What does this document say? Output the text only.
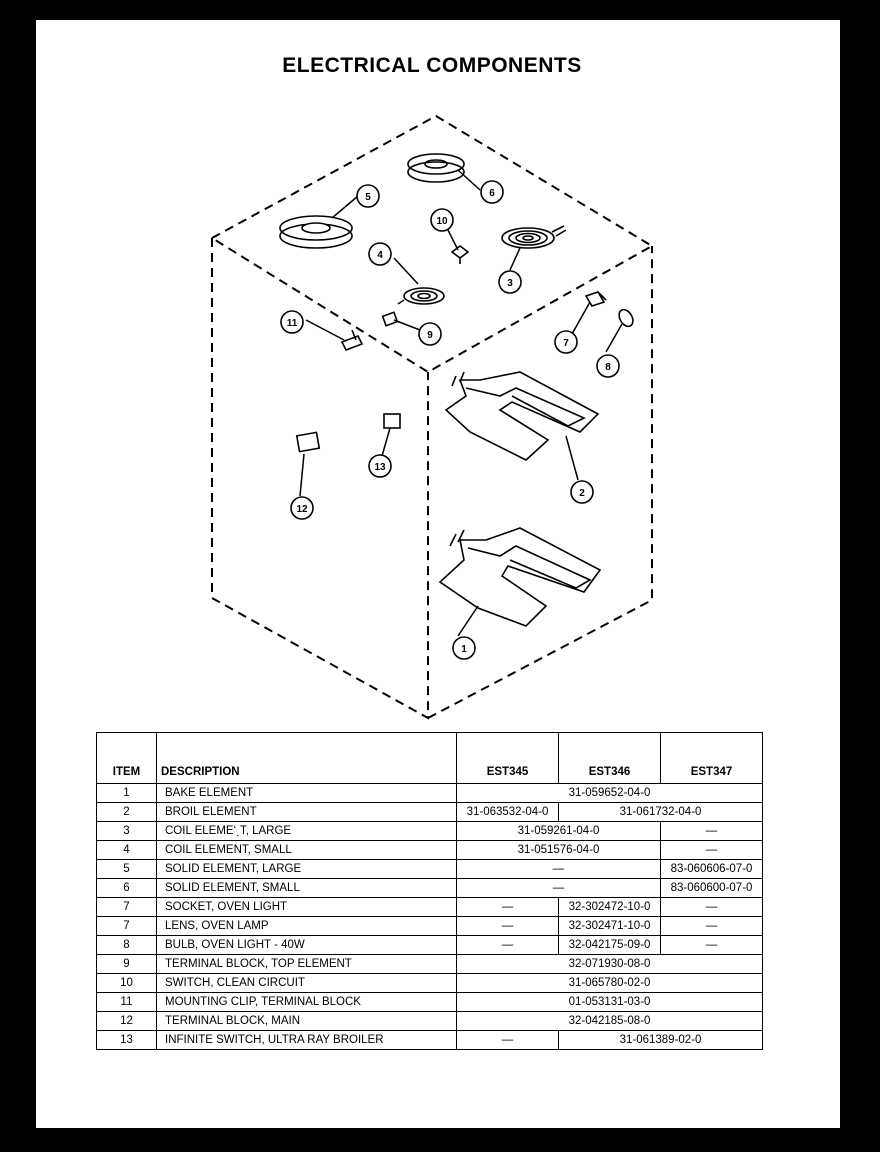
ELECTRICAL COMPONENTS
1
2
3
4
5	6
7
8
9
10
11
12
13
ITEM	DESCRIPTION	EST345	EST346	EST347
1	BAKE ELEMENT	31-059652-04-0		
2	BROIL ELEMENT	31-063532-04-0	31-061732-04-0	
3	COIL ELEMEʻˎT, LARGE	31-059261-04-0		—
4	COIL ELEMENT, SMALL	31-051576-04-0		—
5	SOLID ELEMENT, LARGE	—		83-060606-07-0
6	SOLID ELEMENT, SMALL	—		83-060600-07-0
7	SOCKET, OVEN LIGHT	—	32-302472-10-0	—
7	LENS, OVEN LAMP	—	32-302471-10-0	—
8	BULB, OVEN LIGHT - 40W	—	32-042175-09-0	—
9	TERMINAL BLOCK, TOP ELEMENT	32-071930-08-0		
10	SWITCH, CLEAN CIRCUIT	31-065780-02-0		
11	MOUNTING CLIP, TERMINAL BLOCK	01-053131-03-0		
12	TERMINAL BLOCK, MAIN	32-042185-08-0		
13	INFINITE SWITCH, ULTRA RAY BROILER	—	31-061389-02-0	
